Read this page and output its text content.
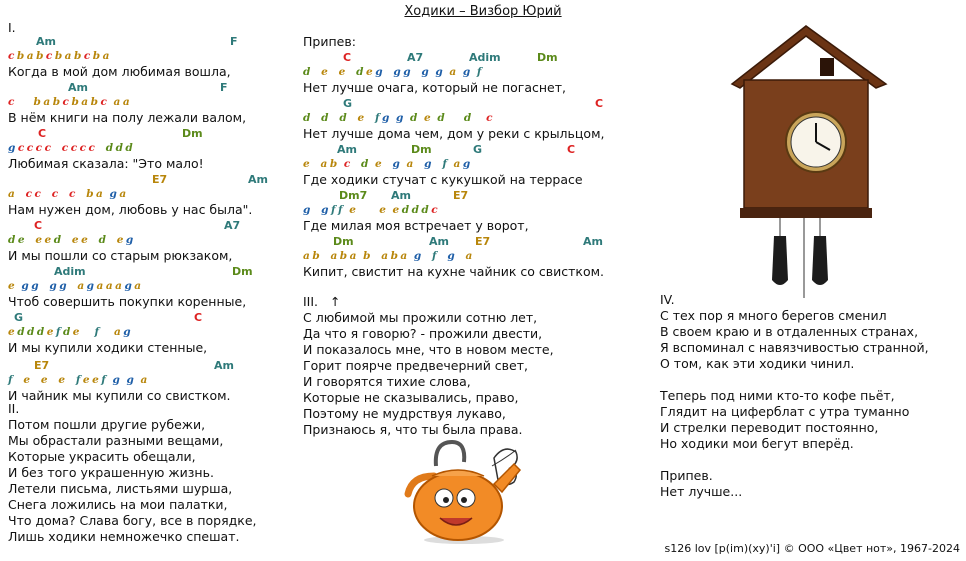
Ходики – Визбор Юрий
I.
Am	F
c b a b c b a b c b a
Когда в мой дом любимая вошла,
Am	F
c b a b c b a b c a a
В нём книги на полу лежали валом,
C	Dm
g c c c c c c c c d d d
Любимая сказала: "Это мало!
E7	Am
a c c c c b a g a
Нам нужен дом, любовь у нас была".
C	A7
d e e e d e e d e g
И мы пошли со старым рюкзаком,
Adim	Dm
e g g g g a g a a a g a
Чтоб совершить покупки коренные,
G	C
e d d d e f d e f a g
И мы купили ходики стенные,
E7	Am
f e e e f e e f g g a
И чайник мы купили со свистком.
II.
Потом пошли другие рубежи,
Мы обрастали разными вещами,
Которые украсить обещали,
И без того украшенную жизнь.
Летели письма, листьями шурша,
Снега ложились на мои палатки,
Что дома? Слава богу, все в порядке,
Лишь ходики немножечко спешат.
Припев:
C	A7	Adim	Dm
d e e d e g g g g g a g f
Нет лучше очага, который не погаснет,
G	C
d d d e f g g d e d d c
Нет лучше дома чем, дом у реки с крыльцом,
Am	Dm	G	C
e a b c d e g a g f a g
Где ходики стучат с кукушкой на террасе
Dm7 Am	E7
g g f f e e e d d d c
Где милая моя встречает у ворот,
Dm	Am E7	Am
a b a b a b a b a g f g a
Кипит, свистит на кухне чайник со свистком.
III. ↑
С любимой мы прожили сотню лет,
Да что я говорю? - прожили двести,
И показалось мне, что в новом месте,
Горит поярче предвечерний свет,
И говорятся тихие слова,
Которые не сказывались, право,
Поэтому не мудрствуя лукаво,
Признаюсь я, что ты была права.
IV.
С тех пор я много берегов сменил
В своем краю и в отдаленных странах,
Я вспоминал с навязчивостью странной,
О том, как эти ходики чинил.
Теперь под ними кто-то кофе пьёт,
Глядит на циферблат с утра туманно
И стрелки переводит постоянно,
Но ходики мои бегут вперёд.
Припев.
Нет лучше...
s126 lov [p(im)(xy)'i] © ООО «Цвет нот», 1967-2024
